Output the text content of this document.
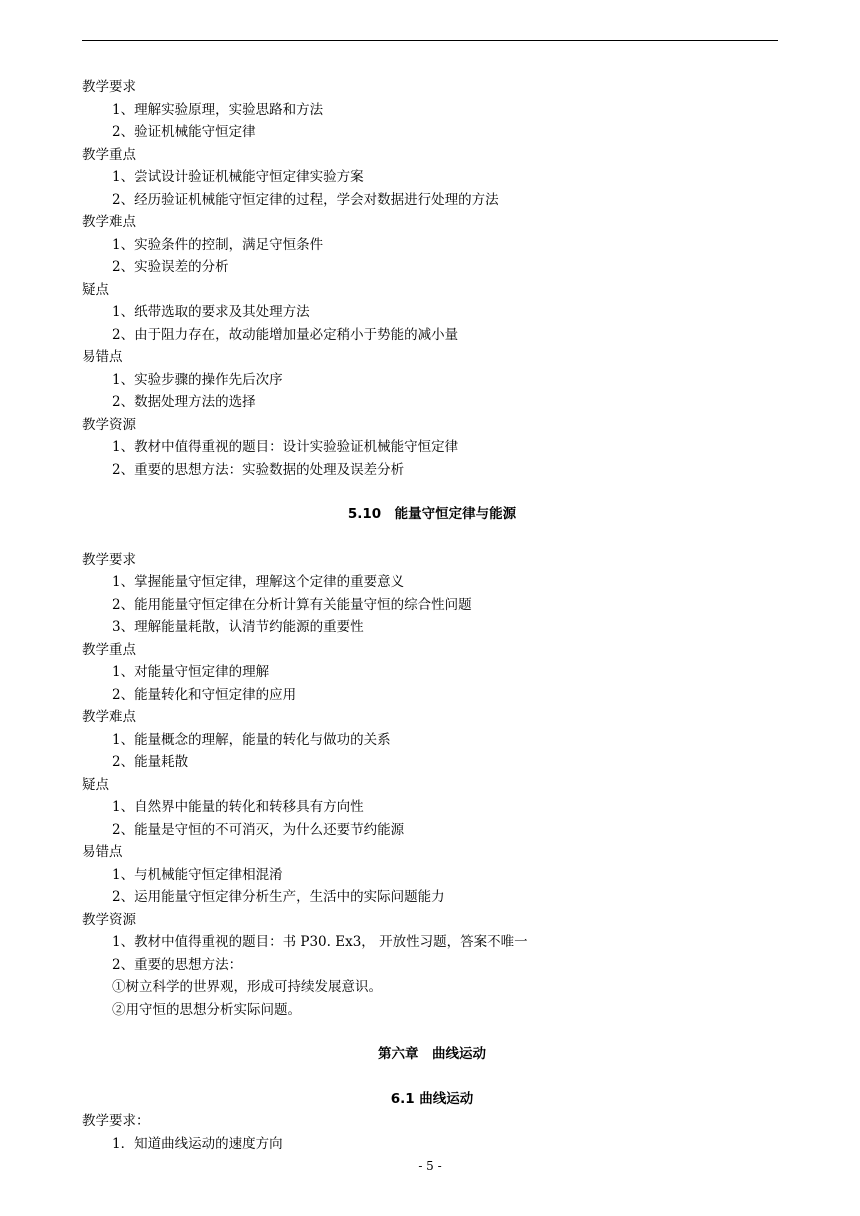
教学要求
1、理解实验原理，实验思路和方法
2、验证机械能守恒定律
教学重点
1、尝试设计验证机械能守恒定律实验方案
2、经历验证机械能守恒定律的过程，学会对数据进行处理的方法
教学难点
1、实验条件的控制，满足守恒条件
2、实验误差的分析
疑点
1、纸带选取的要求及其处理方法
2、由于阻力存在，故动能增加量必定稍小于势能的减小量
易错点
1、实验步骤的操作先后次序
2、数据处理方法的选择
教学资源
1、教材中值得重视的题目：设计实验验证机械能守恒定律
2、重要的思想方法：实验数据的处理及误差分析
5.10　能量守恒定律与能源
教学要求
1、掌握能量守恒定律，理解这个定律的重要意义
2、能用能量守恒定律在分析计算有关能量守恒的综合性问题
3、理解能量耗散，认清节约能源的重要性
教学重点
1、对能量守恒定律的理解
2、能量转化和守恒定律的应用
教学难点
1、能量概念的理解，能量的转化与做功的关系
2、能量耗散
疑点
1、自然界中能量的转化和转移具有方向性
2、能量是守恒的不可消灭，为什么还要节约能源
易错点
1、与机械能守恒定律相混淆
2、运用能量守恒定律分析生产，生活中的实际问题能力
教学资源
1、教材中值得重视的题目：书 P30. Ex3， 开放性习题，答案不唯一
2、重要的思想方法：
①树立科学的世界观，形成可持续发展意识。
②用守恒的思想分析实际问题。
第六章　曲线运动
6.1 曲线运动
教学要求：
1．知道曲线运动的速度方向
- 5 -
